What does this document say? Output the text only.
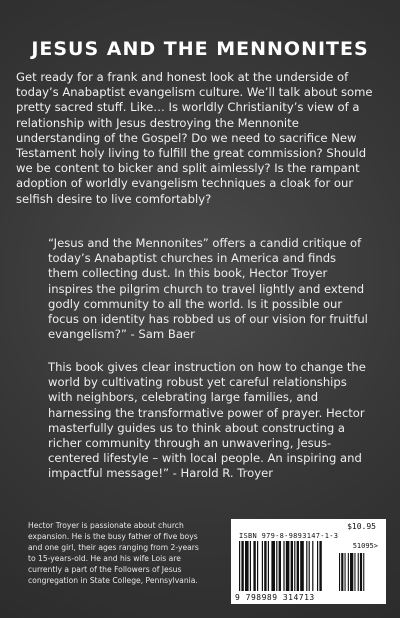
JESUS AND THE MENNONITES
Get ready for a frank and honest look at the underside of today’s Anabaptist evangelism culture. We’ll talk about some pretty sacred stuff. Like… Is worldly Christianity’s view of a relationship with Jesus destroying the Mennonite understanding of the Gospel? Do we need to sacrifice New Testament holy living to fulfill the great commission? Should we be content to bicker and split aimlessly? Is the rampant adoption of worldly evangelism techniques a cloak for our selfish desire to live comfortably?
“Jesus and the Mennonites” offers a candid critique of today’s Anabaptist churches in America and finds them collecting dust. In this book, Hector Troyer inspires the pilgrim church to travel lightly and extend godly community to all the world. Is it possible our focus on identity has robbed us of our vision for fruitful evangelism?” - Sam Baer
This book gives clear instruction on how to change the world by cultivating robust yet careful relationships with neighbors, celebrating large families, and harnessing the transformative power of prayer. Hector masterfully guides us to think about constructing a richer community through an unwavering, Jesus-centered lifestyle – with local people. An inspiring and impactful message!” - Harold R. Troyer
Hector Troyer is passionate about church expansion. He is the busy father of five boys and one girl, their ages ranging from 2-years to 15-years-old. He and his wife Lois are currently a part of the Followers of Jesus congregation in State College, Pennsylvania.
$10.95
ISBN 979-8-9893147-1-3
51095>
9 798989 314713
